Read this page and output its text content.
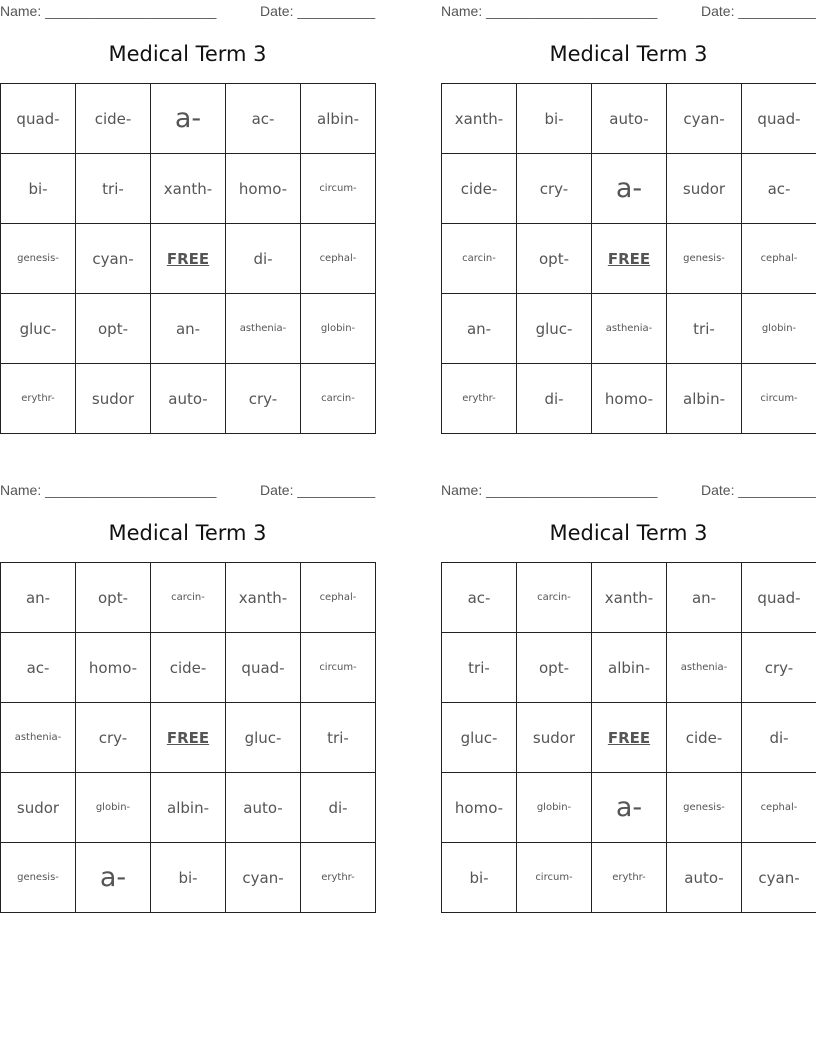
Name: ______________________	Date: __________
Medical Term 3
quad-	cide-	a-	ac-	albin-
bi-	tri-	xanth-	homo-	circum-
genesis-	cyan-	FREE	di-	cephal-
gluc-	opt-	an-	asthenia-	globin-
erythr-	sudor	auto-	cry-	carcin-
Name: ______________________	Date: __________
Medical Term 3
xanth-	bi-	auto-	cyan-	quad-
cide-	cry-	a-	sudor	ac-
carcin-	opt-	FREE	genesis-	cephal-
an-	gluc-	asthenia-	tri-	globin-
erythr-	di-	homo-	albin-	circum-
Name: ______________________	Date: __________
Medical Term 3
an-	opt-	carcin-	xanth-	cephal-
ac-	homo-	cide-	quad-	circum-
asthenia-	cry-	FREE	gluc-	tri-
sudor	globin-	albin-	auto-	di-
genesis-	a-	bi-	cyan-	erythr-
Name: ______________________	Date: __________
Medical Term 3
ac-	carcin-	xanth-	an-	quad-
tri-	opt-	albin-	asthenia-	cry-
gluc-	sudor	FREE	cide-	di-
homo-	globin-	a-	genesis-	cephal-
bi-	circum-	erythr-	auto-	cyan-
